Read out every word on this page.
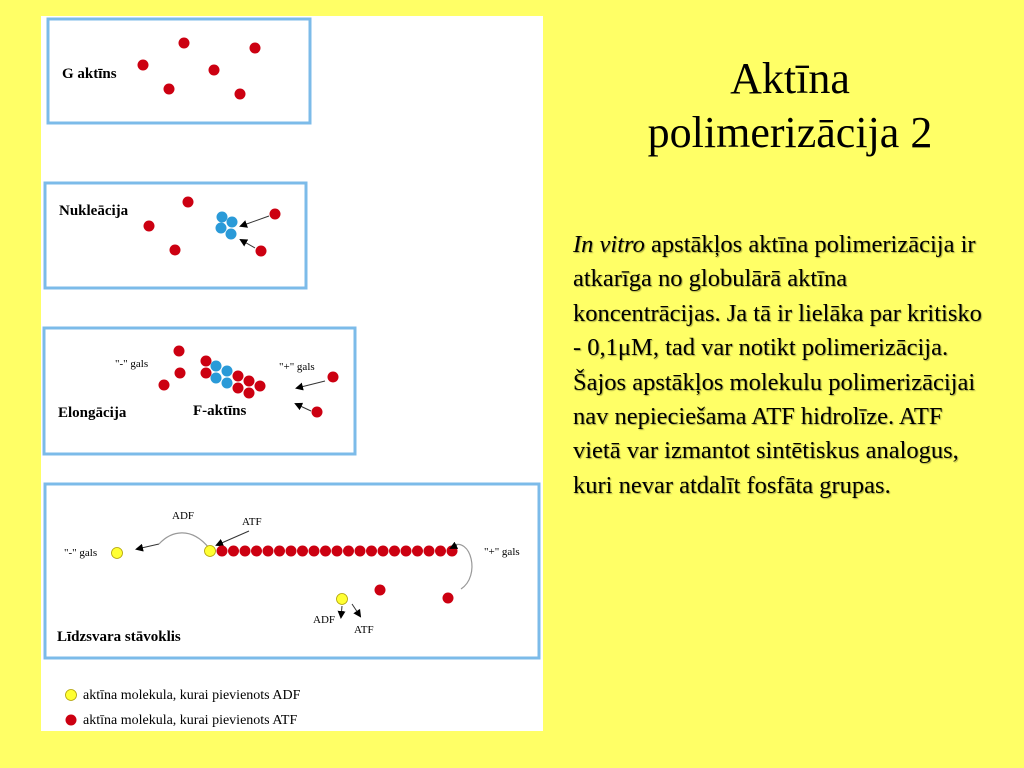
G aktīns
Nukleācija
Elongācija	F-aktīns
"-" gals	"+" gals
Līdzsvara stāvoklis
"-" gals	"+" gals
ADF	ATF
ADF
ATF
aktīna molekula, kurai pievienots ADF
aktīna molekula, kurai pievienots ATF
Aktīna
polimerizācija 2
In vitro apstākļos aktīna polimerizācija ir atkarīga no globulārā aktīna koncentrācijas. Ja tā ir lielāka par kritisko - 0,1μM, tad var notikt polimerizācija. Šajos apstākļos molekulu polimerizācijai nav nepieciešama ATF hidrolīze. ATF vietā var izmantot sintētiskus analogus, kuri nevar atdalīt fosfāta grupas.
